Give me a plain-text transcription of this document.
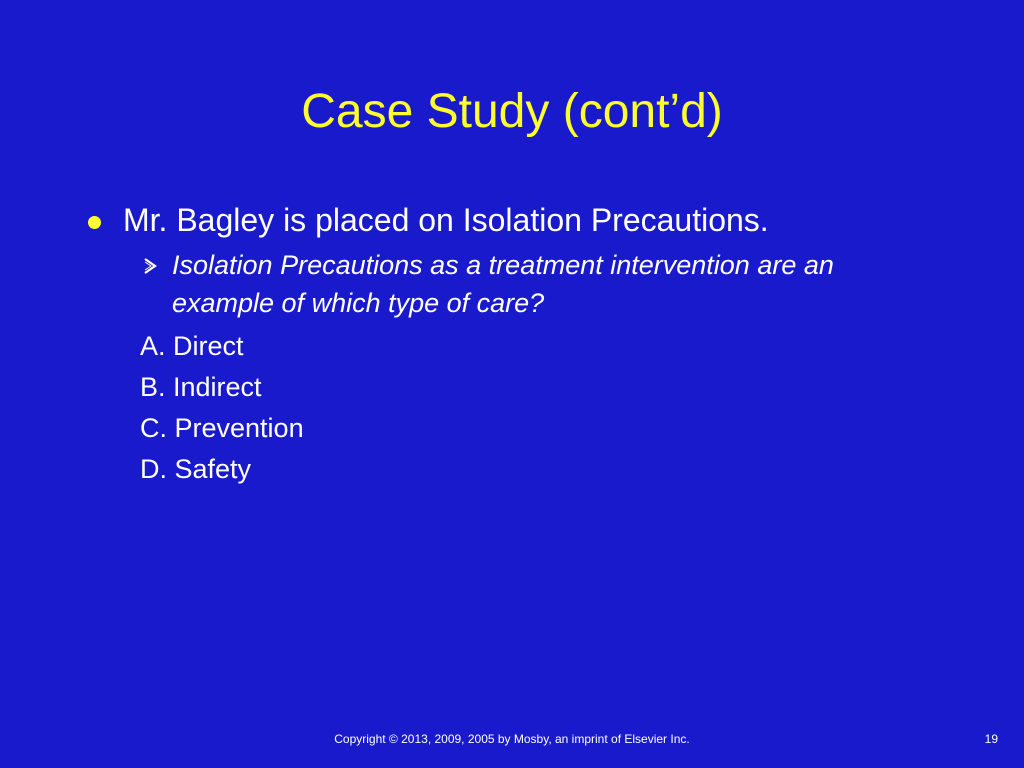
Case Study (cont’d)
Mr. Bagley is placed on Isolation Precautions.
Isolation Precautions as a treatment intervention are an example of which type of care?
A. Direct
B. Indirect
C. Prevention
D. Safety
Copyright © 2013, 2009, 2005 by Mosby, an imprint of Elsevier Inc.	19
